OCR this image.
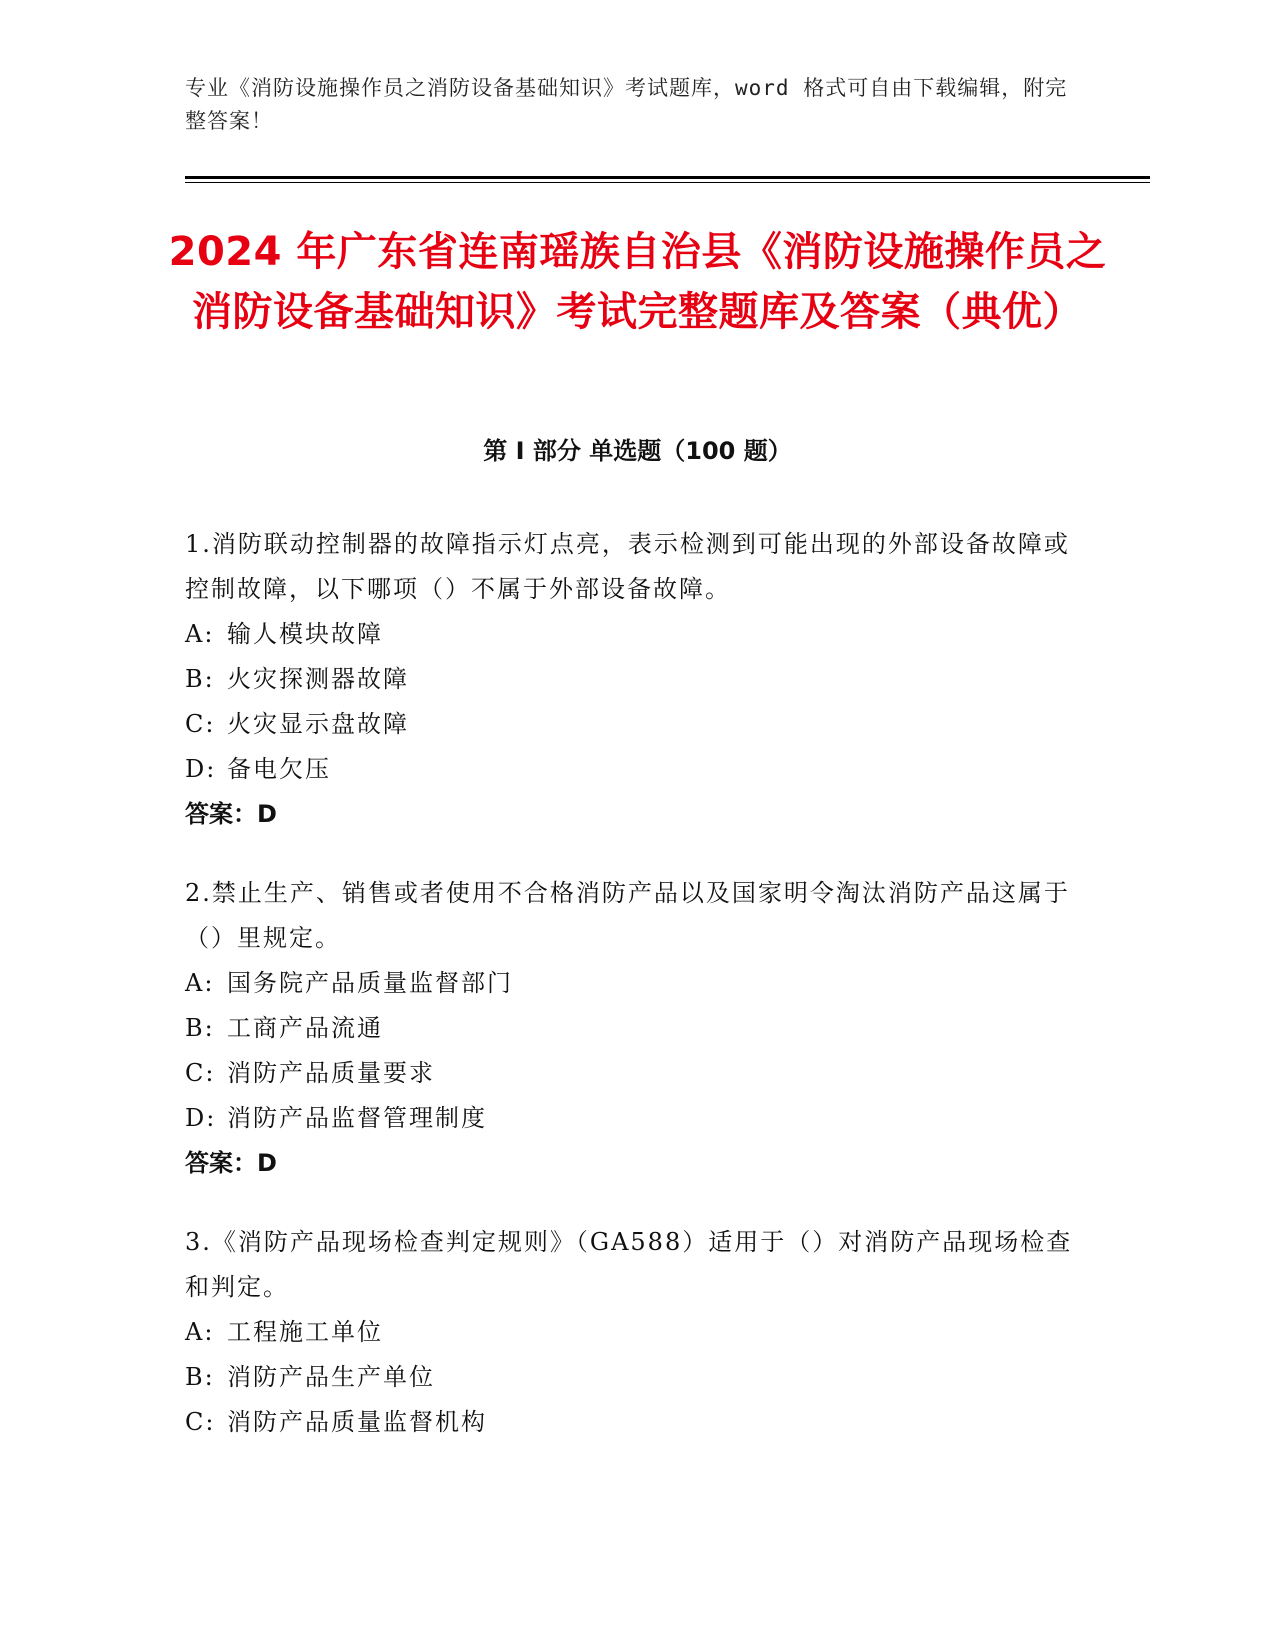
专业《消防设施操作员之消防设备基础知识》考试题库，word 格式可自由下载编辑，附完整答案！
2024 年广东省连南瑶族自治县《消防设施操作员之消防设备基础知识》考试完整题库及答案（典优）
第 I 部分 单选题（100 题）
1.消防联动控制器的故障指示灯点亮，表示检测到可能出现的外部设备故障或控制故障，以下哪项（）不属于外部设备故障。
A: 输人模块故障
B: 火灾探测器故障
C: 火灾显示盘故障
D: 备电欠压
答案：D
2.禁止生产、销售或者使用不合格消防产品以及国家明令淘汰消防产品这属于（）里规定。
A: 国务院产品质量监督部门
B: 工商产品流通
C: 消防产品质量要求
D: 消防产品监督管理制度
答案：D
3.《消防产品现场检查判定规则》（GA588）适用于（）对消防产品现场检查和判定。
A: 工程施工单位
B: 消防产品生产单位
C: 消防产品质量监督机构
